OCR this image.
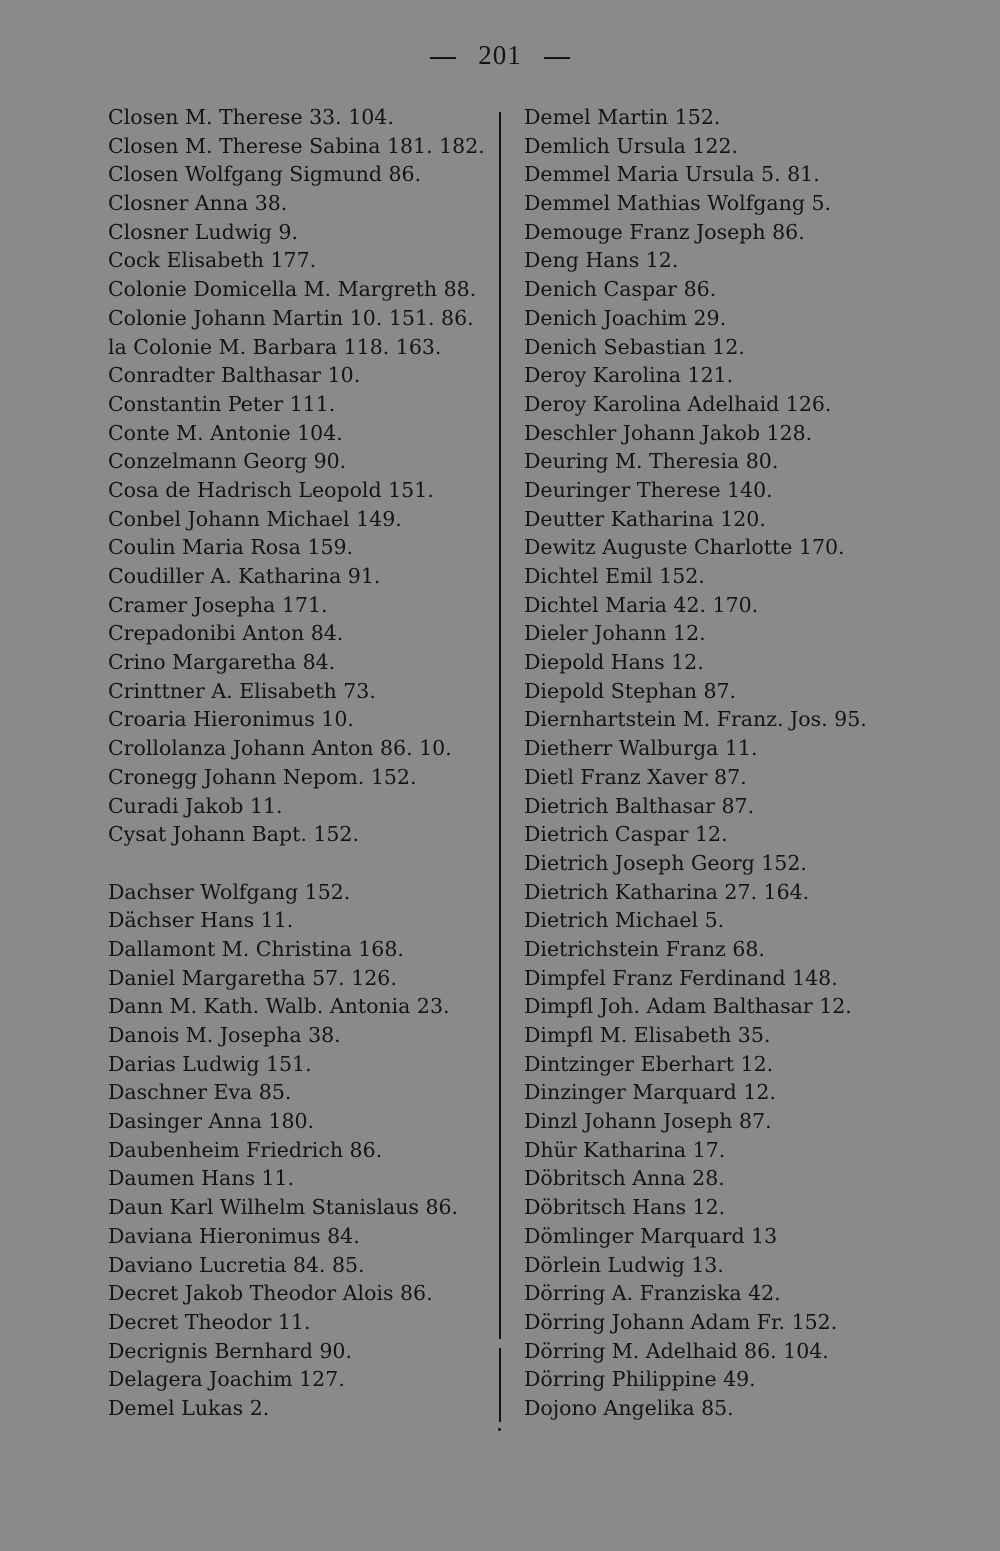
201
Closen M. Therese 33. 104.
Closen M. Therese Sabina 181. 182.
Closen Wolfgang Sigmund 86.
Closner Anna 38.
Closner Ludwig 9.
Cock Elisabeth 177.
Colonie Domicella M. Margreth 88.
Colonie Johann Martin 10. 151. 86.
la Colonie M. Barbara 118. 163.
Conradter Balthasar 10.
Constantin Peter 111.
Conte M. Antonie 104.
Conzelmann Georg 90.
Cosa de Hadrisch Leopold 151.
Conbel Johann Michael 149.
Coulin Maria Rosa 159.
Coudiller A. Katharina 91.
Cramer Josepha 171.
Crepadonibi Anton 84.
Crino Margaretha 84.
Crinttner A. Elisabeth 73.
Croaria Hieronimus 10.
Crollolanza Johann Anton 86. 10.
Cronegg Johann Nepom. 152.
Curadi Jakob 11.
Cysat Johann Bapt. 152.
Dachser Wolfgang 152.
Dächser Hans 11.
Dallamont M. Christina 168.
Daniel Margaretha 57. 126.
Dann M. Kath. Walb. Antonia 23.
Danois M. Josepha 38.
Darias Ludwig 151.
Daschner Eva 85.
Dasinger Anna 180.
Daubenheim Friedrich 86.
Daumen Hans 11.
Daun Karl Wilhelm Stanislaus 86.
Daviana Hieronimus 84.
Daviano Lucretia 84. 85.
Decret Jakob Theodor Alois 86.
Decret Theodor 11.
Decrignis Bernhard 90.
Delagera Joachim 127.
Demel Lukas 2.
Demel Martin 152.
Demlich Ursula 122.
Demmel Maria Ursula 5. 81.
Demmel Mathias Wolfgang 5.
Demouge Franz Joseph 86.
Deng Hans 12.
Denich Caspar 86.
Denich Joachim 29.
Denich Sebastian 12.
Deroy Karolina 121.
Deroy Karolina Adelhaid 126.
Deschler Johann Jakob 128.
Deuring M. Theresia 80.
Deuringer Therese 140.
Deutter Katharina 120.
Dewitz Auguste Charlotte 170.
Dichtel Emil 152.
Dichtel Maria 42. 170.
Dieler Johann 12.
Diepold Hans 12.
Diepold Stephan 87.
Diernhartstein M. Franz. Jos. 95.
Dietherr Walburga 11.
Dietl Franz Xaver 87.
Dietrich Balthasar 87.
Dietrich Caspar 12.
Dietrich Joseph Georg 152.
Dietrich Katharina 27. 164.
Dietrich Michael 5.
Dietrichstein Franz 68.
Dimpfel Franz Ferdinand 148.
Dimpfl Joh. Adam Balthasar 12.
Dimpfl M. Elisabeth 35.
Dintzinger Eberhart 12.
Dinzinger Marquard 12.
Dinzl Johann Joseph 87.
Dhür Katharina 17.
Döbritsch Anna 28.
Döbritsch Hans 12.
Dömlinger Marquard 13
Dörlein Ludwig 13.
Dörring A. Franziska 42.
Dörring Johann Adam Fr. 152.
Dörring M. Adelhaid 86. 104.
Dörring Philippine 49.
Dojono Angelika 85.
